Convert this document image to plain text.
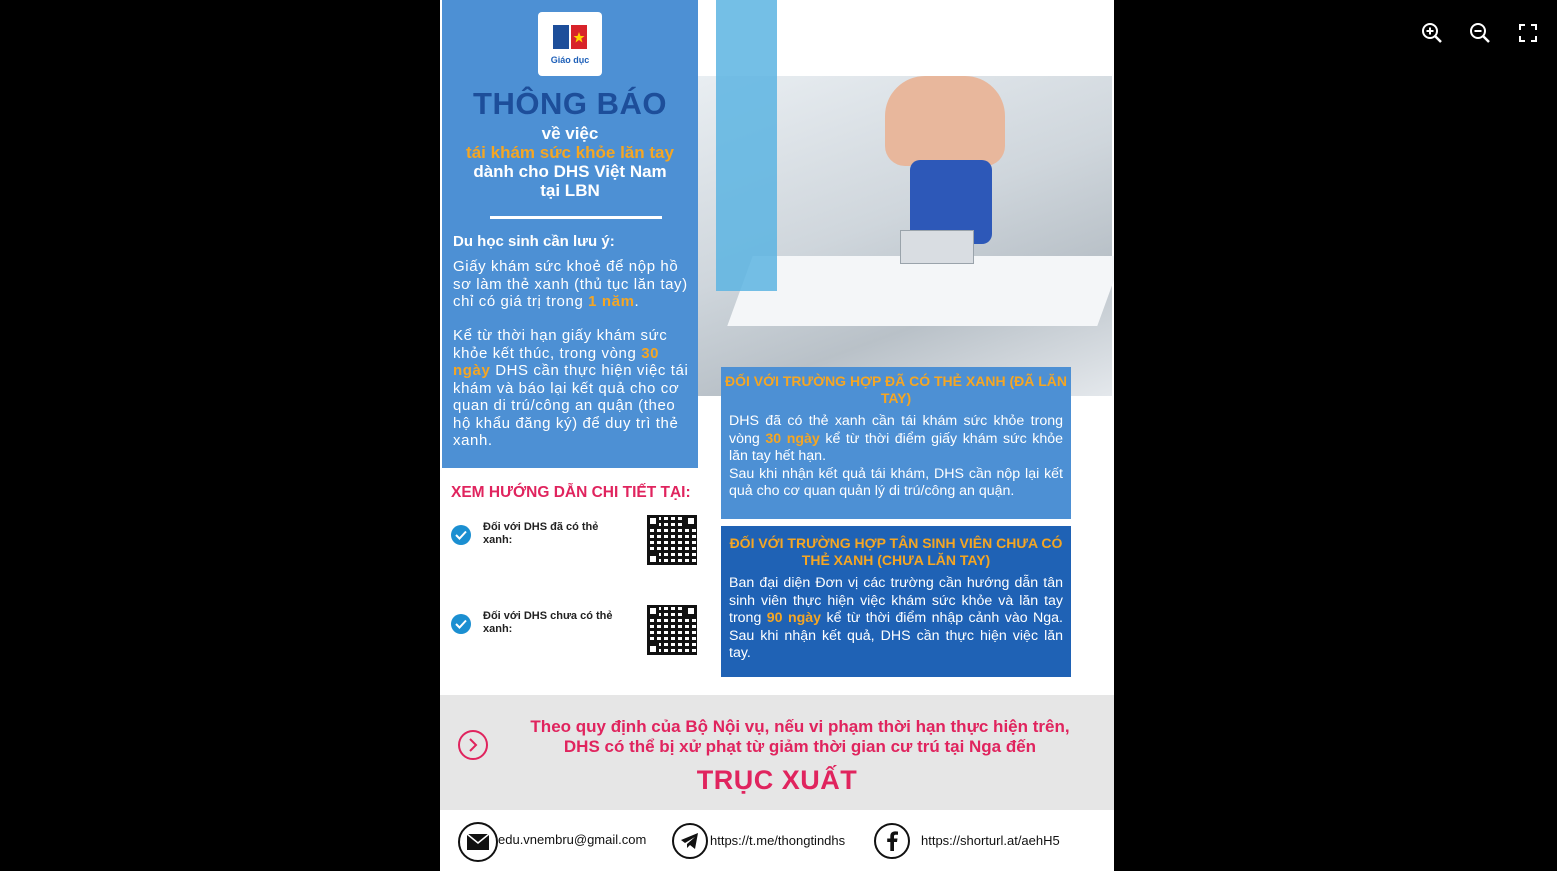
Giáo dục
THÔNG BÁO
về việc
tái khám sức khỏe lăn tay
dành cho DHS Việt Nam
tại LBN
Du học sinh cần lưu ý:
Giấy khám sức khoẻ để nộp hồ sơ làm thẻ xanh (thủ tục lăn tay) chỉ có giá trị trong 1 năm.
Kể từ thời hạn giấy khám sức khỏe kết thúc, trong vòng 30 ngày DHS cần thực hiện việc tái khám và báo lại kết quả cho cơ quan di trú/công an quận (theo hộ khẩu đăng ký) để duy trì thẻ xanh.
ĐỐI VỚI TRƯỜNG HỢP ĐÃ CÓ THẺ XANH (ĐÃ LĂN TAY)
DHS đã có thẻ xanh cần tái khám sức khỏe trong vòng 30 ngày kể từ thời điểm giấy khám sức khỏe lăn tay hết hạn.
Sau khi nhận kết quả tái khám, DHS cần nộp lại kết quả cho cơ quan quản lý di trú/công an quận.
ĐỐI VỚI TRƯỜNG HỢP TÂN SINH VIÊN CHƯA CÓ THẺ XANH (CHƯA LĂN TAY)
Ban đại diện Đơn vị các trường cần hướng dẫn tân sinh viên thực hiện việc khám sức khỏe và lăn tay trong 90 ngày kể từ thời điểm nhập cảnh vào Nga. Sau khi nhận kết quả, DHS cần thực hiện việc lăn tay.
XEM HƯỚNG DẪN CHI TIẾT TẠI:
Đối với DHS đã có thẻ xanh:
Đối với DHS chưa có thẻ xanh:
Theo quy định của Bộ Nội vụ, nếu vi phạm thời hạn thực hiện trên,
DHS có thể bị xử phạt từ giảm thời gian cư trú tại Nga đến
TRỤC XUẤT
edu.vnembru@gmail.com	https://t.me/thongtindhs	https://shorturl.at/aehH5
